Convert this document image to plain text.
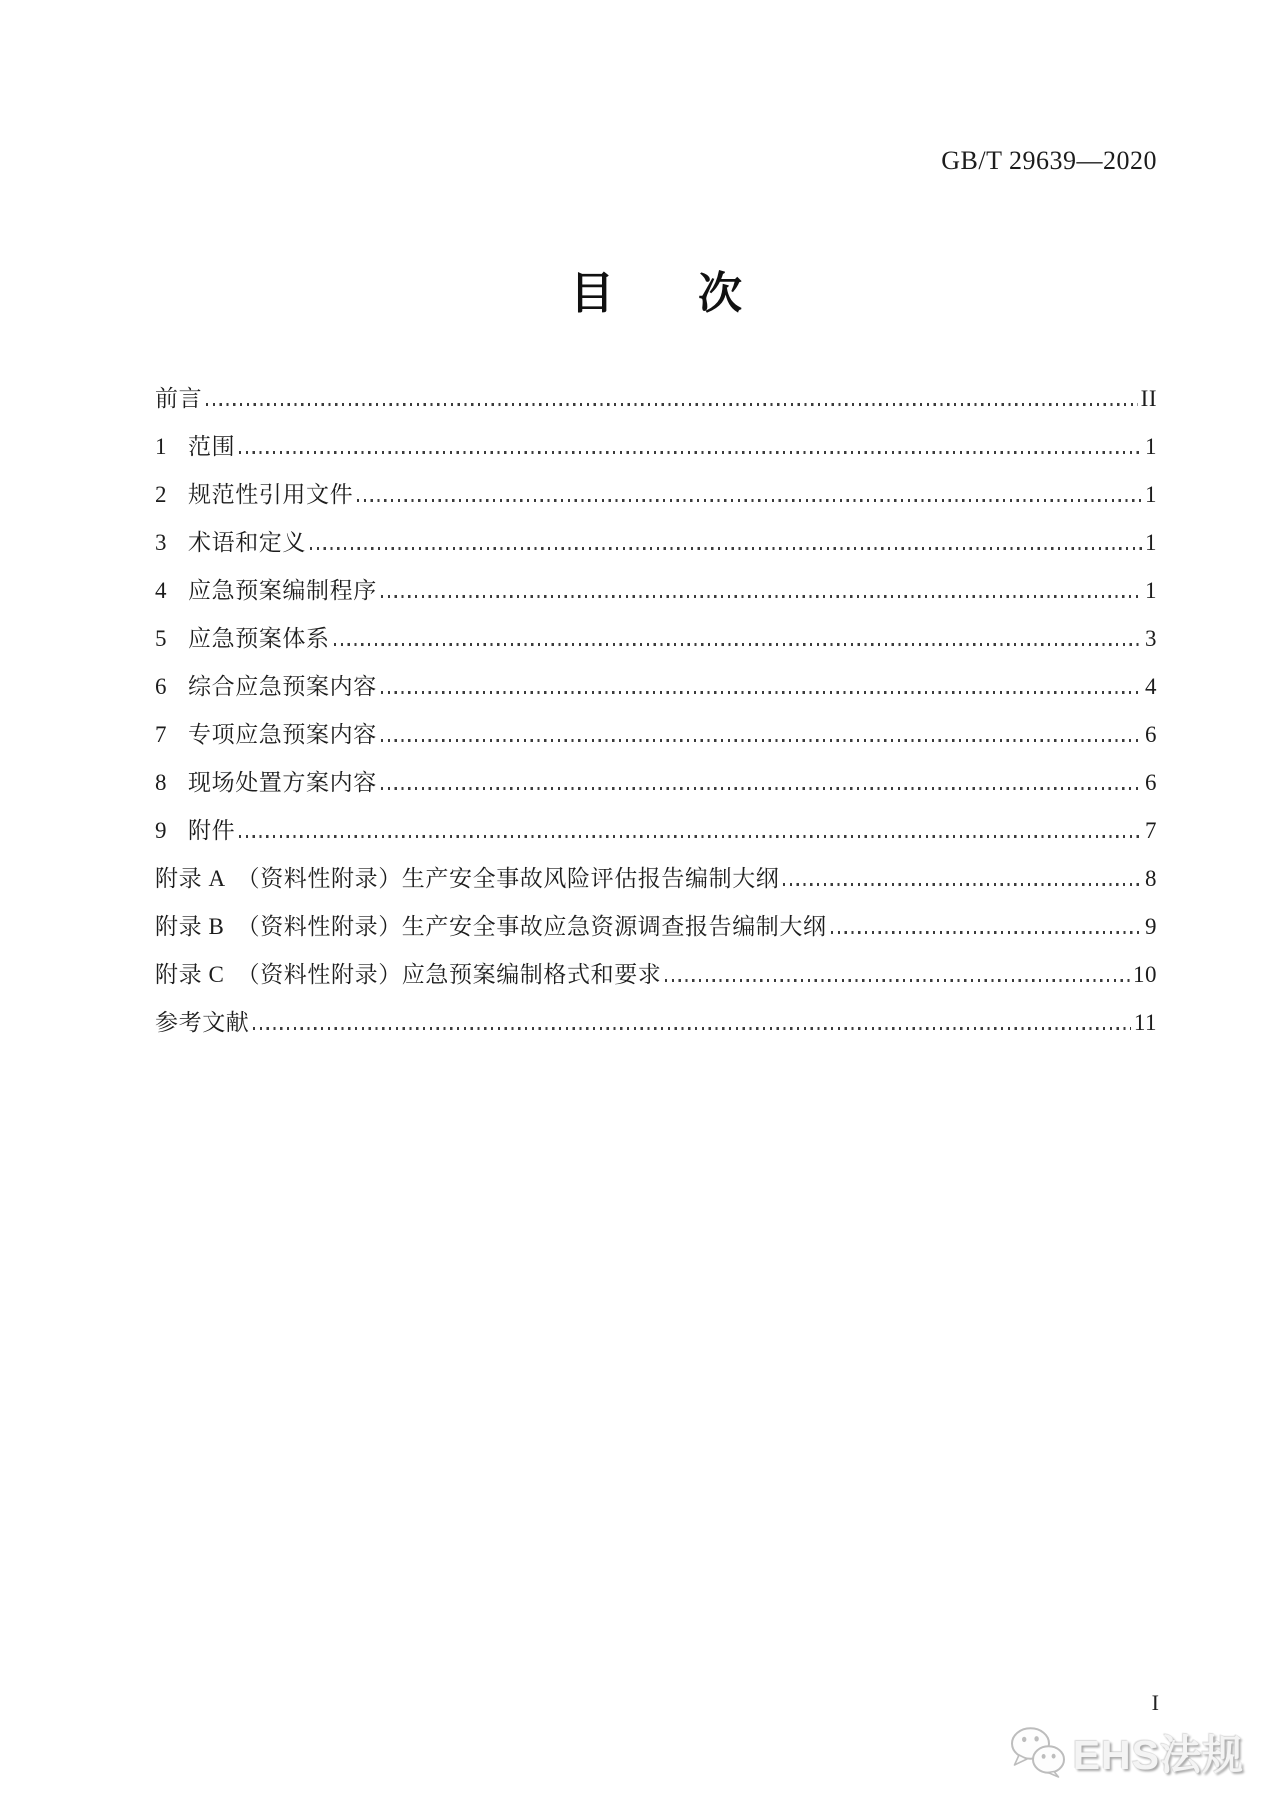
GB/T 29639—2020
目 次
前言	II
1 范围	1
2 规范性引用文件	1
3 术语和定义	1
4 应急预案编制程序	1
5 应急预案体系	3
6 综合应急预案内容	4
7 专项应急预案内容	6
8 现场处置方案内容	6
9 附件	7
附录 A　（资料性附录）生产安全事故风险评估报告编制大纲	8
附录 B　（资料性附录）生产安全事故应急资源调查报告编制大纲	9
附录 C　（资料性附录）应急预案编制格式和要求	10
参考文献	11
I
EHS法规
